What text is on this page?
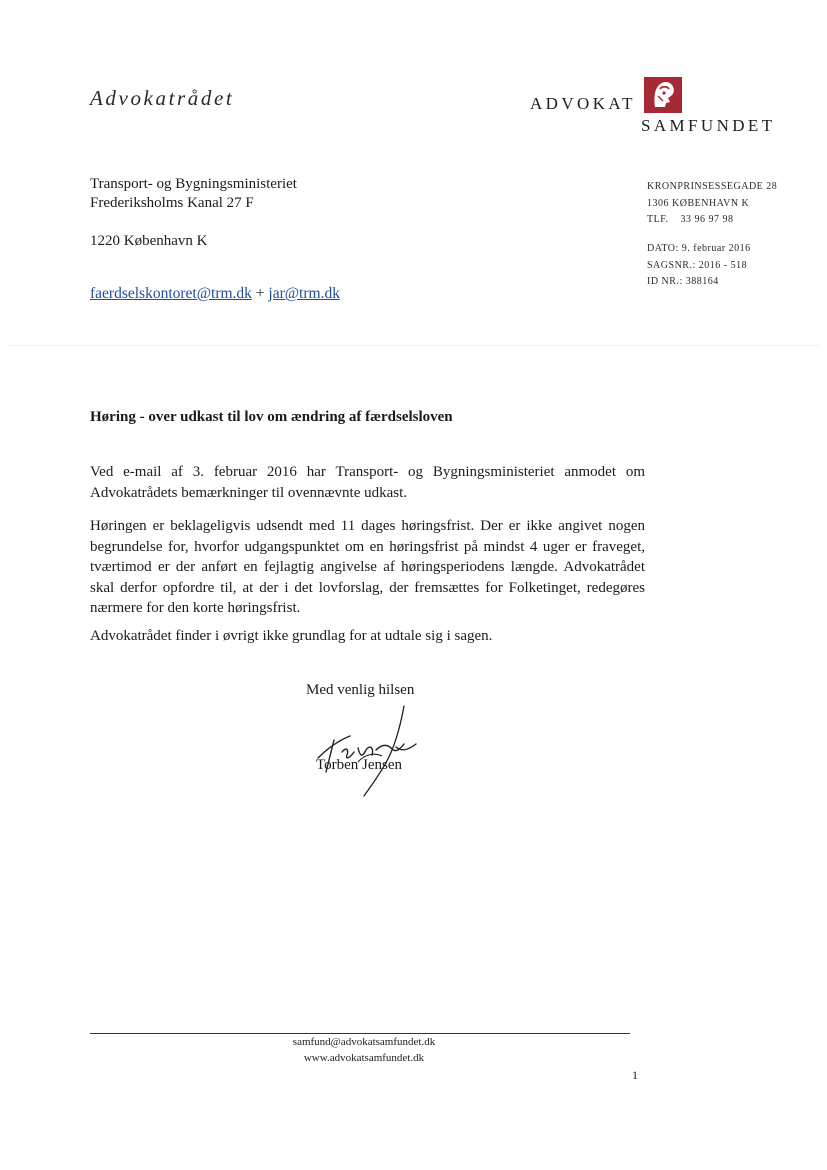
Advokatrådet	ADVOKAT
SAMFUNDET
Transport- og Bygningsministeriet
Frederiksholms Kanal 27 F
1220 København K
faerdselskontoret@trm.dk + jar@trm.dk
KRONPRINSESSEGADE 28
1306 KØBENHAVN K
TLF.    33 96 97 98
DATO: 9. februar 2016
SAGSNR.: 2016 - 518
ID NR.: 388164
Høring - over udkast til lov om ændring af færdselsloven
Ved e-mail af 3. februar 2016 har Transport- og Bygningsministeriet anmodet om Advokatrådets bemærkninger til ovennævnte udkast.
Høringen er beklageligvis udsendt med 11 dages høringsfrist. Der er ikke angivet nogen begrundelse for, hvorfor udgangspunktet om en høringsfrist på mindst 4 uger er fraveget, tværtimod er der anført en fejlagtig angivelse af høringsperiodens længde. Advokatrådet skal derfor opfordre til, at der i det lovforslag, der fremsættes for Folketinget, redegøres nærmere for den korte høringsfrist.
Advokatrådet finder i øvrigt ikke grundlag for at udtale sig i sagen.
Med venlig hilsen
Torben Jensen
samfund@advokatsamfundet.dk
www.advokatsamfundet.dk
1
